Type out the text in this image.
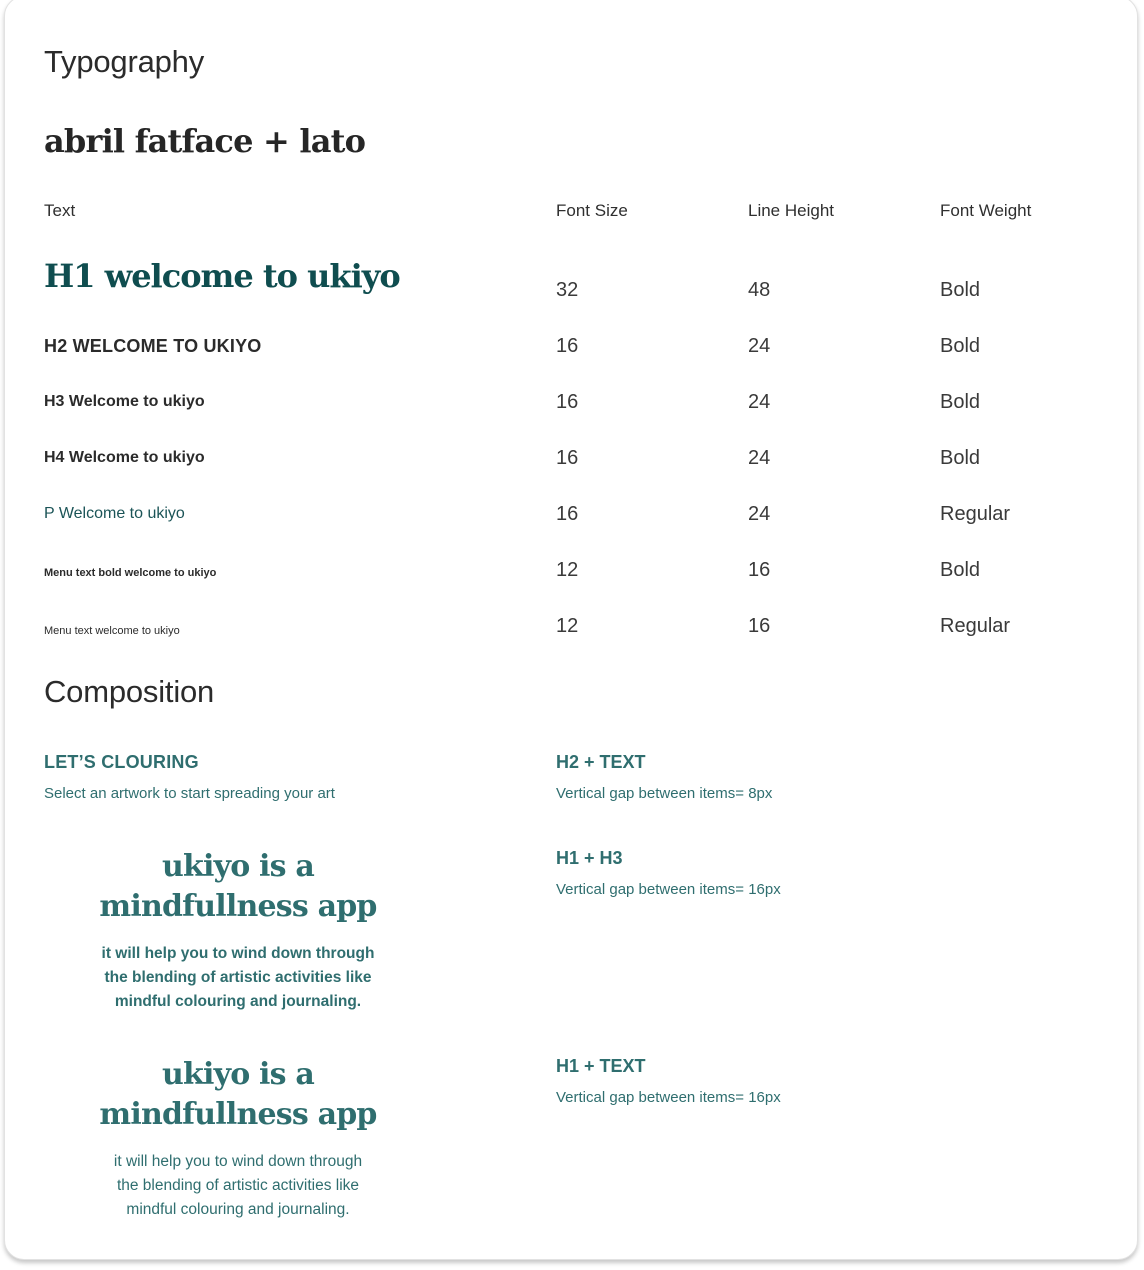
Typography
abril fatface + lato
Text	Font Size	Line Height	Font Weight
H1 welcome to ukiyo	32	48	Bold
H2 WELCOME TO UKIYO	16	24	Bold
H3 Welcome to ukiyo	16	24	Bold
H4 Welcome to ukiyo	16	24	Bold
P Welcome to ukiyo	16	24	Regular
Menu text bold welcome to ukiyo	12	16	Bold
Menu text welcome to ukiyo	12	16	Regular
Composition
LET’S CLOURING
Select an artwork to start spreading your art
H2 + TEXT
Vertical gap between items= 8px
ukiyo is a
mindfullness app
it will help you to wind down through
the blending of artistic activities like
mindful colouring and journaling.
H1 + H3
Vertical gap between items= 16px
ukiyo is a
mindfullness app
it will help you to wind down through
the blending of artistic activities like
mindful colouring and journaling.
H1 + TEXT
Vertical gap between items= 16px
